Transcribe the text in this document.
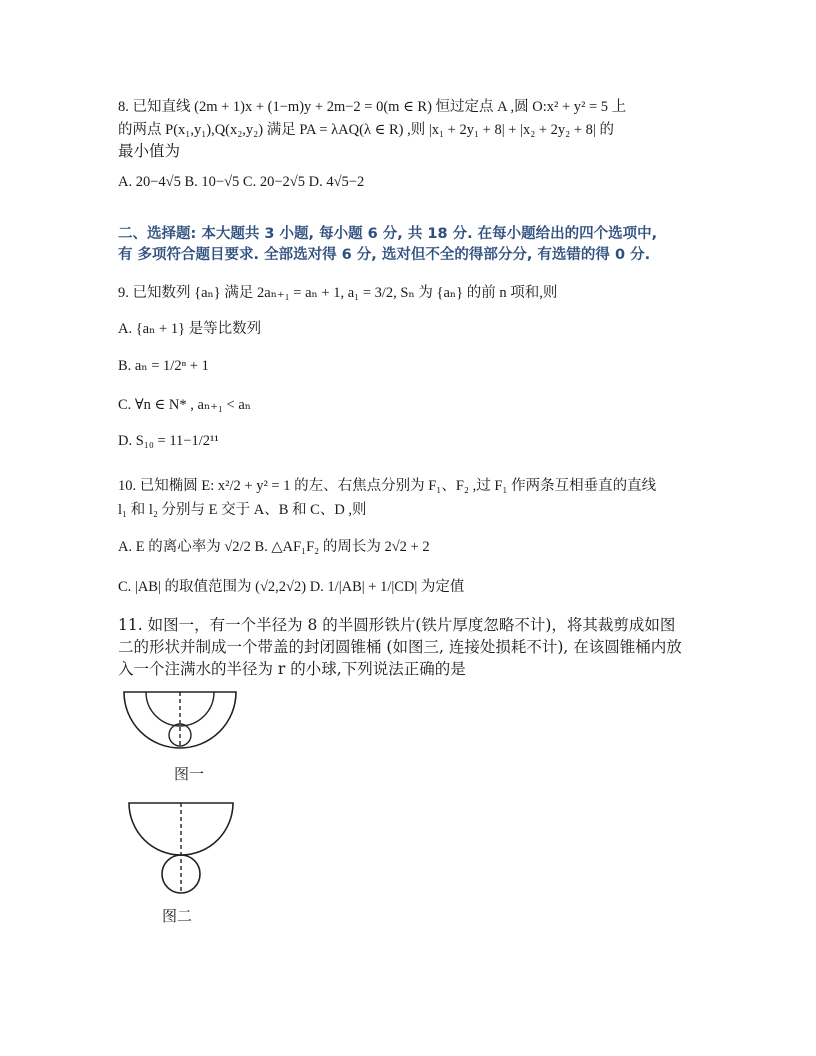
8. 已知直线 (2m + 1)x + (1−m)y + 2m−2 = 0(m ∈ R) 恒过定点 A ,圆 O:x² + y² = 5 上
的两点 P(x₁,y₁),Q(x₂,y₂) 满足 PA = λAQ(λ ∈ R) ,则 |x₁ + 2y₁ + 8| + |x₂ + 2y₂ + 8| 的
最小值为
A. 20−4√5 B. 10−√5 C. 20−2√5 D. 4√5−2
二、选择题: 本大题共 3 小题, 每小题 6 分, 共 18 分. 在每小题给出的四个选项中,
有 多项符合题目要求. 全部选对得 6 分, 选对但不全的得部分分, 有选错的得 0 分.
9. 已知数列 {aₙ} 满足 2aₙ₊₁ = aₙ + 1, a₁ = 3/2, Sₙ 为 {aₙ} 的前 n 项和,则
A. {aₙ + 1} 是等比数列
B. aₙ = 1/2ⁿ + 1
C. ∀n ∈ N* , aₙ₊₁ < aₙ
D. S₁₀ = 11−1/2¹¹
10. 已知椭圆 E: x²/2 + y² = 1 的左、右焦点分别为 F₁、F₂ ,过 F₁ 作两条互相垂直的直线
l₁ 和 l₂ 分别与 E 交于 A、B 和 C、D ,则
A. E 的离心率为 √2/2 B. △AF₁F₂ 的周长为 2√2 + 2
C. |AB| 的取值范围为 (√2,2√2) D. 1/|AB| + 1/|CD| 为定值
11. 如图一，有一个半径为 8 的半圆形铁片(铁片厚度忽略不计)，将其裁剪成如图
二的形状并制成一个带盖的封闭圆锥桶 (如图三, 连接处损耗不计), 在该圆锥桶内放
入一个注满水的半径为 r 的小球,下列说法正确的是
图一
图二
